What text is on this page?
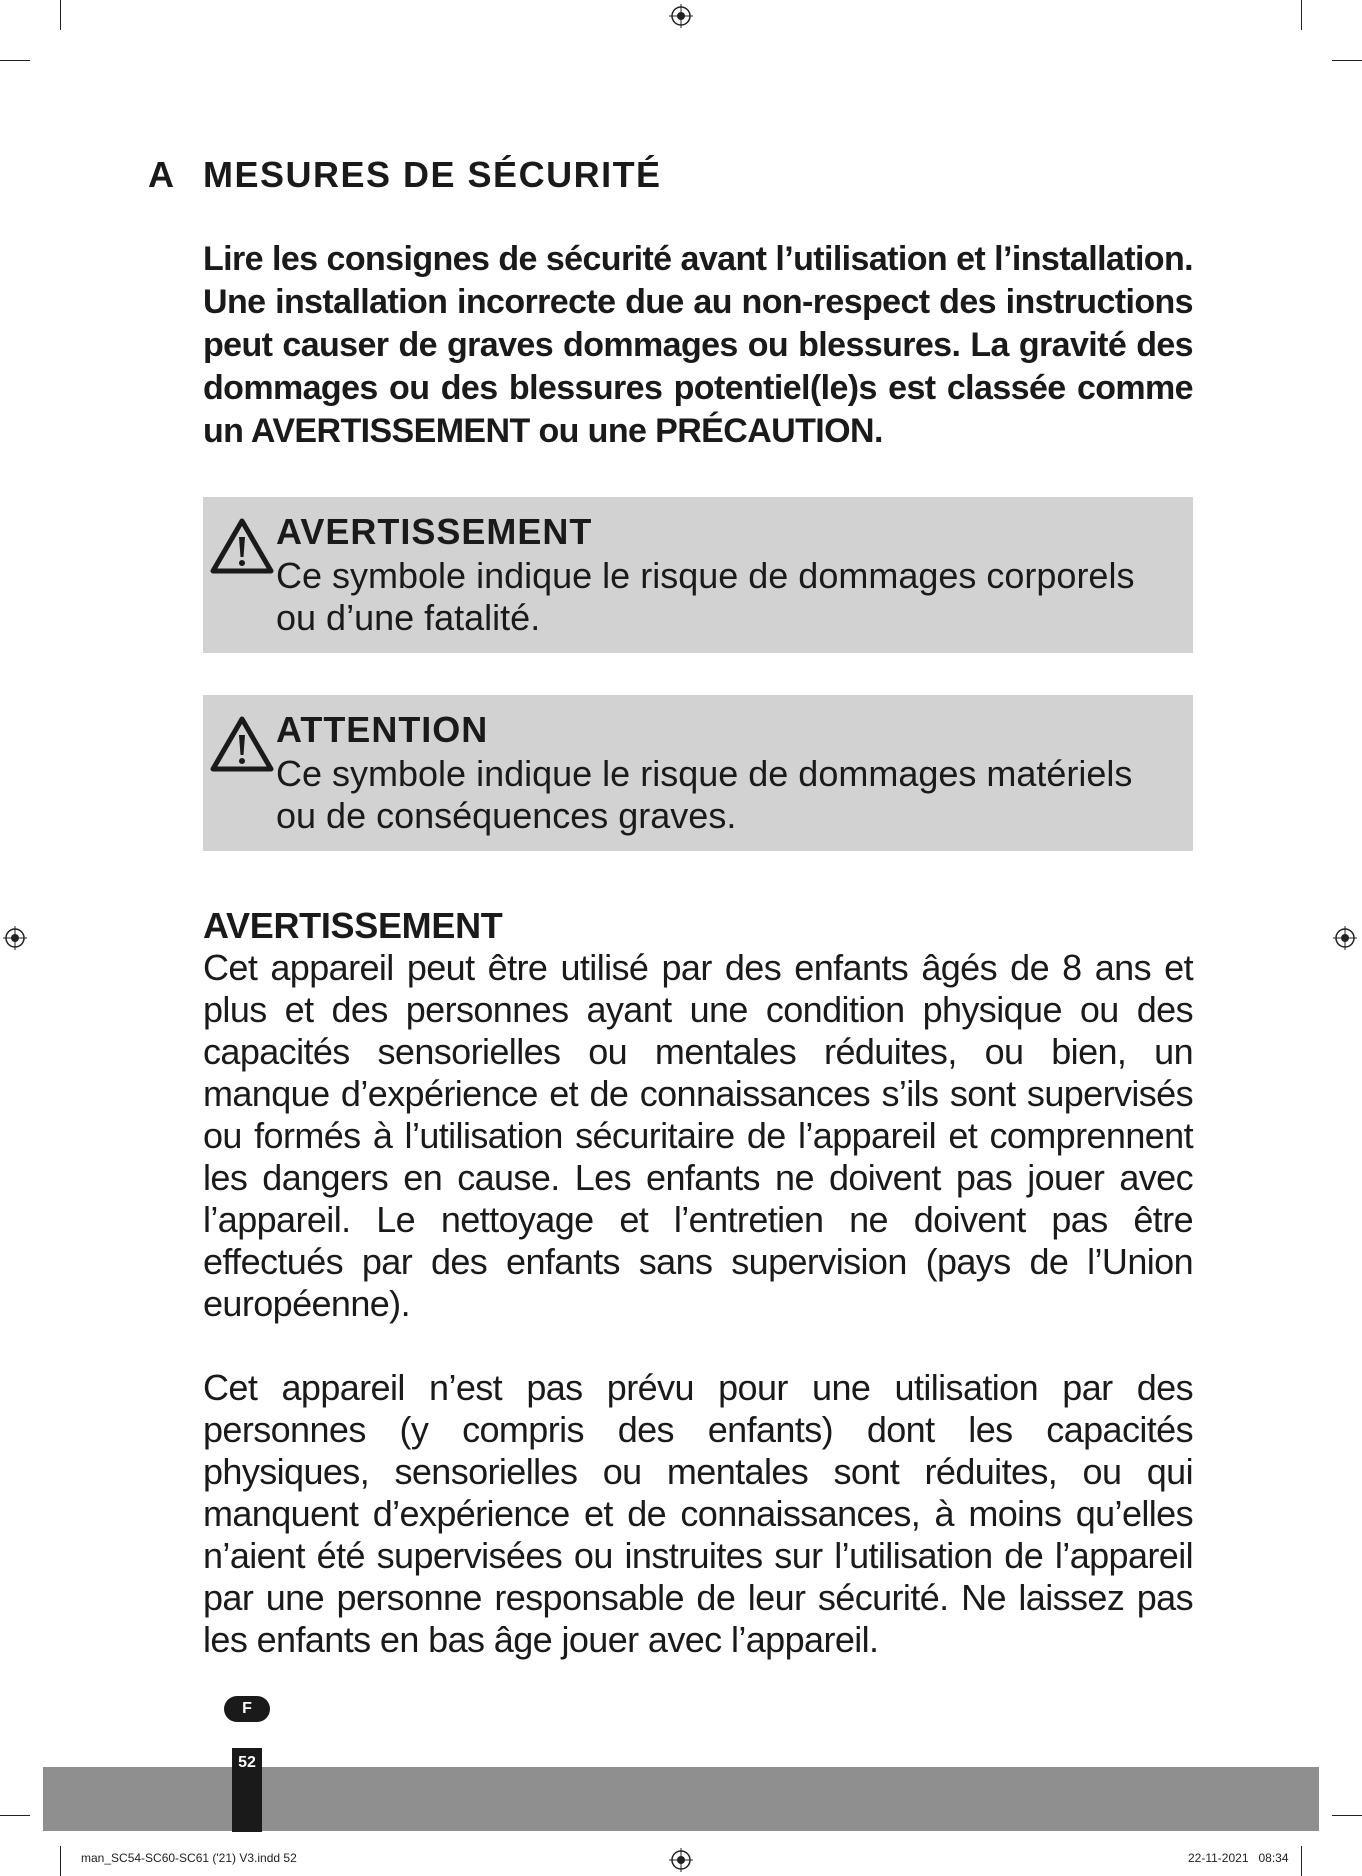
A MESURES DE SÉCURITÉ
Lire les consignes de sécurité avant l’utilisation et l’installation. Une installation incorrecte due au non-respect des instructions peut causer de graves dommages ou blessures. La gravité des dommages ou des blessures potentiel(le)s est classée comme un AVERTISSEMENT ou une PRÉCAUTION.
AVERTISSEMENT
Ce symbole indique le risque de dommages corporels ou d’une fatalité.
ATTENTION
Ce symbole indique le risque de dommages matériels ou de conséquences graves.
AVERTISSEMENT
Cet appareil peut être utilisé par des enfants âgés de 8 ans et plus et des personnes ayant une condition physique ou des capacités sensorielles ou mentales réduites, ou bien, un manque d’expérience et de connaissances s’ils sont supervisés ou formés à l’utilisation sécuritaire de l’appareil et comprennent les dangers en cause. Les enfants ne doivent pas jouer avec l’appareil. Le nettoyage et l’entretien ne doivent pas être effectués par des enfants sans supervision (pays de l’Union européenne).
Cet appareil n’est pas prévu pour une utilisation par des personnes (y compris des enfants) dont les capacités physiques, sensorielles ou mentales sont réduites, ou qui manquent d’expérience et de connaissances, à moins qu’elles n’aient été supervisées ou instruites sur l’utilisation de l’appareil par une personne responsable de leur sécurité. Ne laissez pas les enfants en bas âge jouer avec l’appareil.
F
52
man_SC54-SC60-SC61 ('21) V3.indd 52	22-11-2021   08:34
